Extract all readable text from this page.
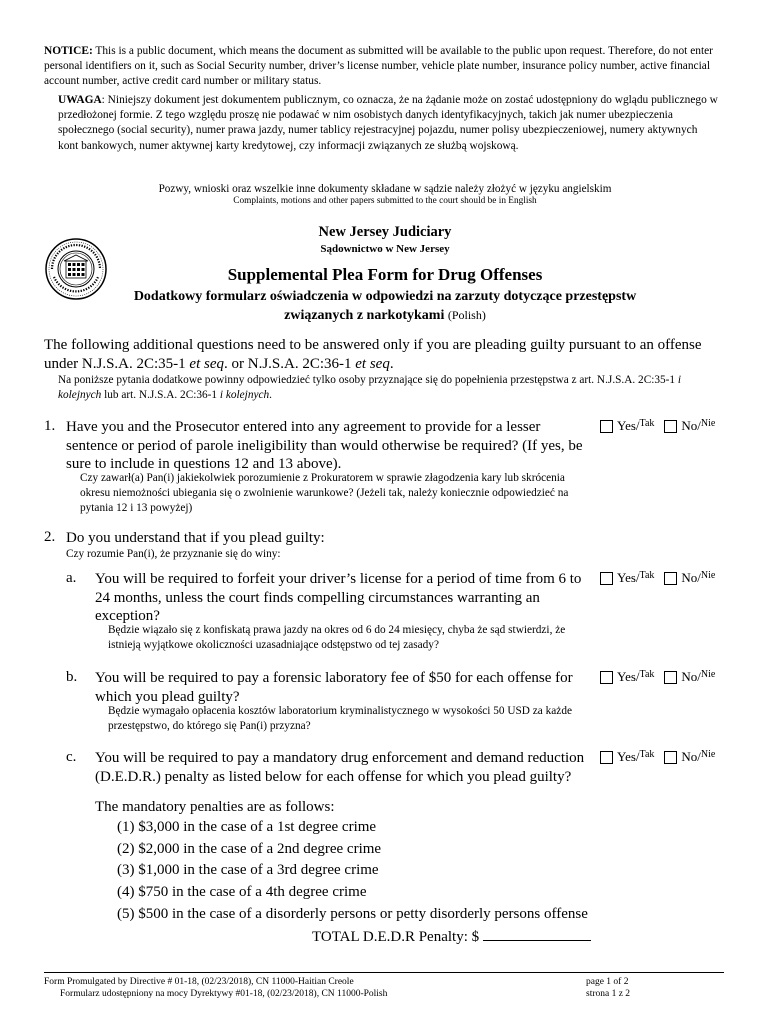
NOTICE: This is a public document, which means the document as submitted will be available to the public upon request. Therefore, do not enter personal identifiers on it, such as Social Security number, driver’s license number, vehicle plate number, insurance policy number, active financial account number, active credit card number or military status.
UWAGA: Niniejszy dokument jest dokumentem publicznym, co oznacza, że na żądanie może on zostać udostępniony do wglądu publicznego w przedłożonej formie. Z tego względu proszę nie podawać w nim osobistych danych identyfikacyjnych, takich jak numer ubezpieczenia społecznego (social security), numer prawa jazdy, numer tablicy rejestracyjnej pojazdu, numer polisy ubezpieczeniowej, numery aktywnych kont bankowych, numer aktywnej karty kredytowej, czy informacji związanych ze służbą wojskową.
Pozwy, wnioski oraz wszelkie inne dokumenty składane w sądzie należy złożyć w języku angielskim
Complaints, motions and other papers submitted to the court should be in English
New Jersey Judiciary
Sądownictwo w New Jersey
Supplemental Plea Form for Drug Offenses
Dodatkowy formularz oświadczenia w odpowiedzi na zarzuty dotyczące przestępstw
związanych z narkotykami (Polish)
The following additional questions need to be answered only if you are pleading guilty pursuant to an offense under N.J.S.A. 2C:35-1 et seq. or N.J.S.A. 2C:36-1 et seq.
Na poniższe pytania dodatkowe powinny odpowiedzieć tylko osoby przyznające się do popełnienia przestępstwa z art. N.J.S.A. 2C:35-1 i kolejnych lub art. N.J.S.A. 2C:36-1 i kolejnych.
1. Have you and the Prosecutor entered into any agreement to provide for a lesser sentence or period of parole ineligibility than would otherwise be required? (If yes, be sure to include in questions 12 and 13 above).
Czy zawarł(a) Pan(i) jakiekolwiek porozumienie z Prokuratorem w sprawie złagodzenia kary lub skrócenia okresu niemożności ubiegania się o zwolnienie warunkowe? (Jeżeli tak, należy koniecznie odpowiedzieć na pytania 12 i 13 powyżej)
Yes/ Tak No/ Nie
2. Do you understand that if you plead guilty:
Czy rozumie Pan(i), że przyznanie się do winy:
a. You will be required to forfeit your driver’s license for a period of time from 6 to 24 months, unless the court finds compelling circumstances warranting an exception?
Będzie wiązało się z konfiskatą prawa jazdy na okres od 6 do 24 miesięcy, chyba że sąd stwierdzi, że istnieją wyjątkowe okoliczności uzasadniające odstępstwo od tej zasady?
Yes/ Tak No/ Nie
b. You will be required to pay a forensic laboratory fee of $50 for each offense for which you plead guilty?
Będzie wymagało opłacenia kosztów laboratorium kryminalistycznego w wysokości 50 USD za każde przestępstwo, do którego się Pan(i) przyzna?
Yes/ Tak No/ Nie
c. You will be required to pay a mandatory drug enforcement and demand reduction (D.E.D.R.) penalty as listed below for each offense for which you plead guilty?
Yes/ Tak No/ Nie
The mandatory penalties are as follows:
(1) $3,000 in the case of a 1st degree crime
(2) $2,000 in the case of a 2nd degree crime
(3) $1,000 in the case of a 3rd degree crime
(4) $750 in the case of a 4th degree crime
(5) $500 in the case of a disorderly persons or petty disorderly persons offense
TOTAL D.E.D.R Penalty: $
Form Promulgated by Directive # 01-18, (02/23/2018), CN 11000-Haitian Creole
Formularz udostępniony na mocy Dyrektywy #01-18, (02/23/2018), CN 11000-Polish
page 1 of 2
strona 1 z 2
